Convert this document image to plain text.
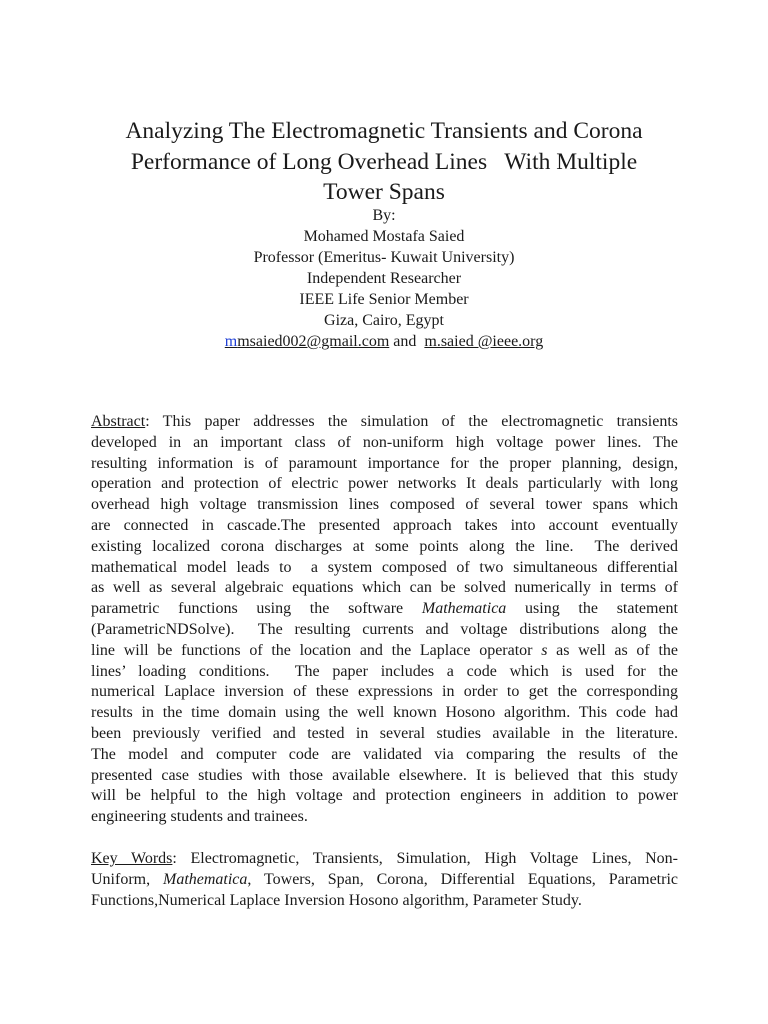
Analyzing The Electromagnetic Transients and Corona
Performance of Long Overhead Lines   With Multiple
Tower Spans
By:
Mohamed Mostafa Saied
Professor (Emeritus- Kuwait University)
Independent Researcher
IEEE Life Senior Member
Giza, Cairo, Egypt
mmsaied002@gmail.com and  m.saied @ieee.org
Abstract: This paper addresses the simulation of the electromagnetic transients
developed in an important class of non-uniform high voltage power lines. The
resulting information is of paramount importance for the proper planning, design,
operation and protection of electric power networks It deals particularly with long
overhead high voltage transmission lines composed of several tower spans which
are connected in cascade.The presented approach takes into account eventually
existing localized corona discharges at some points along the line.  The derived
mathematical model leads to  a system composed of two simultaneous differential
as well as several algebraic equations which can be solved numerically in terms of
parametric functions using the software Mathematica using the statement
(ParametricNDSolve).  The resulting currents and voltage distributions along the
line will be functions of the location and the Laplace operator s as well as of the
lines’ loading conditions.  The paper includes a code which is used for the
numerical Laplace inversion of these expressions in order to get the corresponding
results in the time domain using the well known Hosono algorithm. This code had
been previously verified and tested in several studies available in the literature.
The model and computer code are validated via comparing the results of the
presented case studies with those available elsewhere. It is believed that this study
will be helpful to the high voltage and protection engineers in addition to power
engineering students and trainees.
Key Words: Electromagnetic, Transients, Simulation, High Voltage Lines, Non-
Uniform, Mathematica, Towers, Span, Corona, Differential Equations, Parametric
Functions,Numerical Laplace Inversion Hosono algorithm, Parameter Study.
